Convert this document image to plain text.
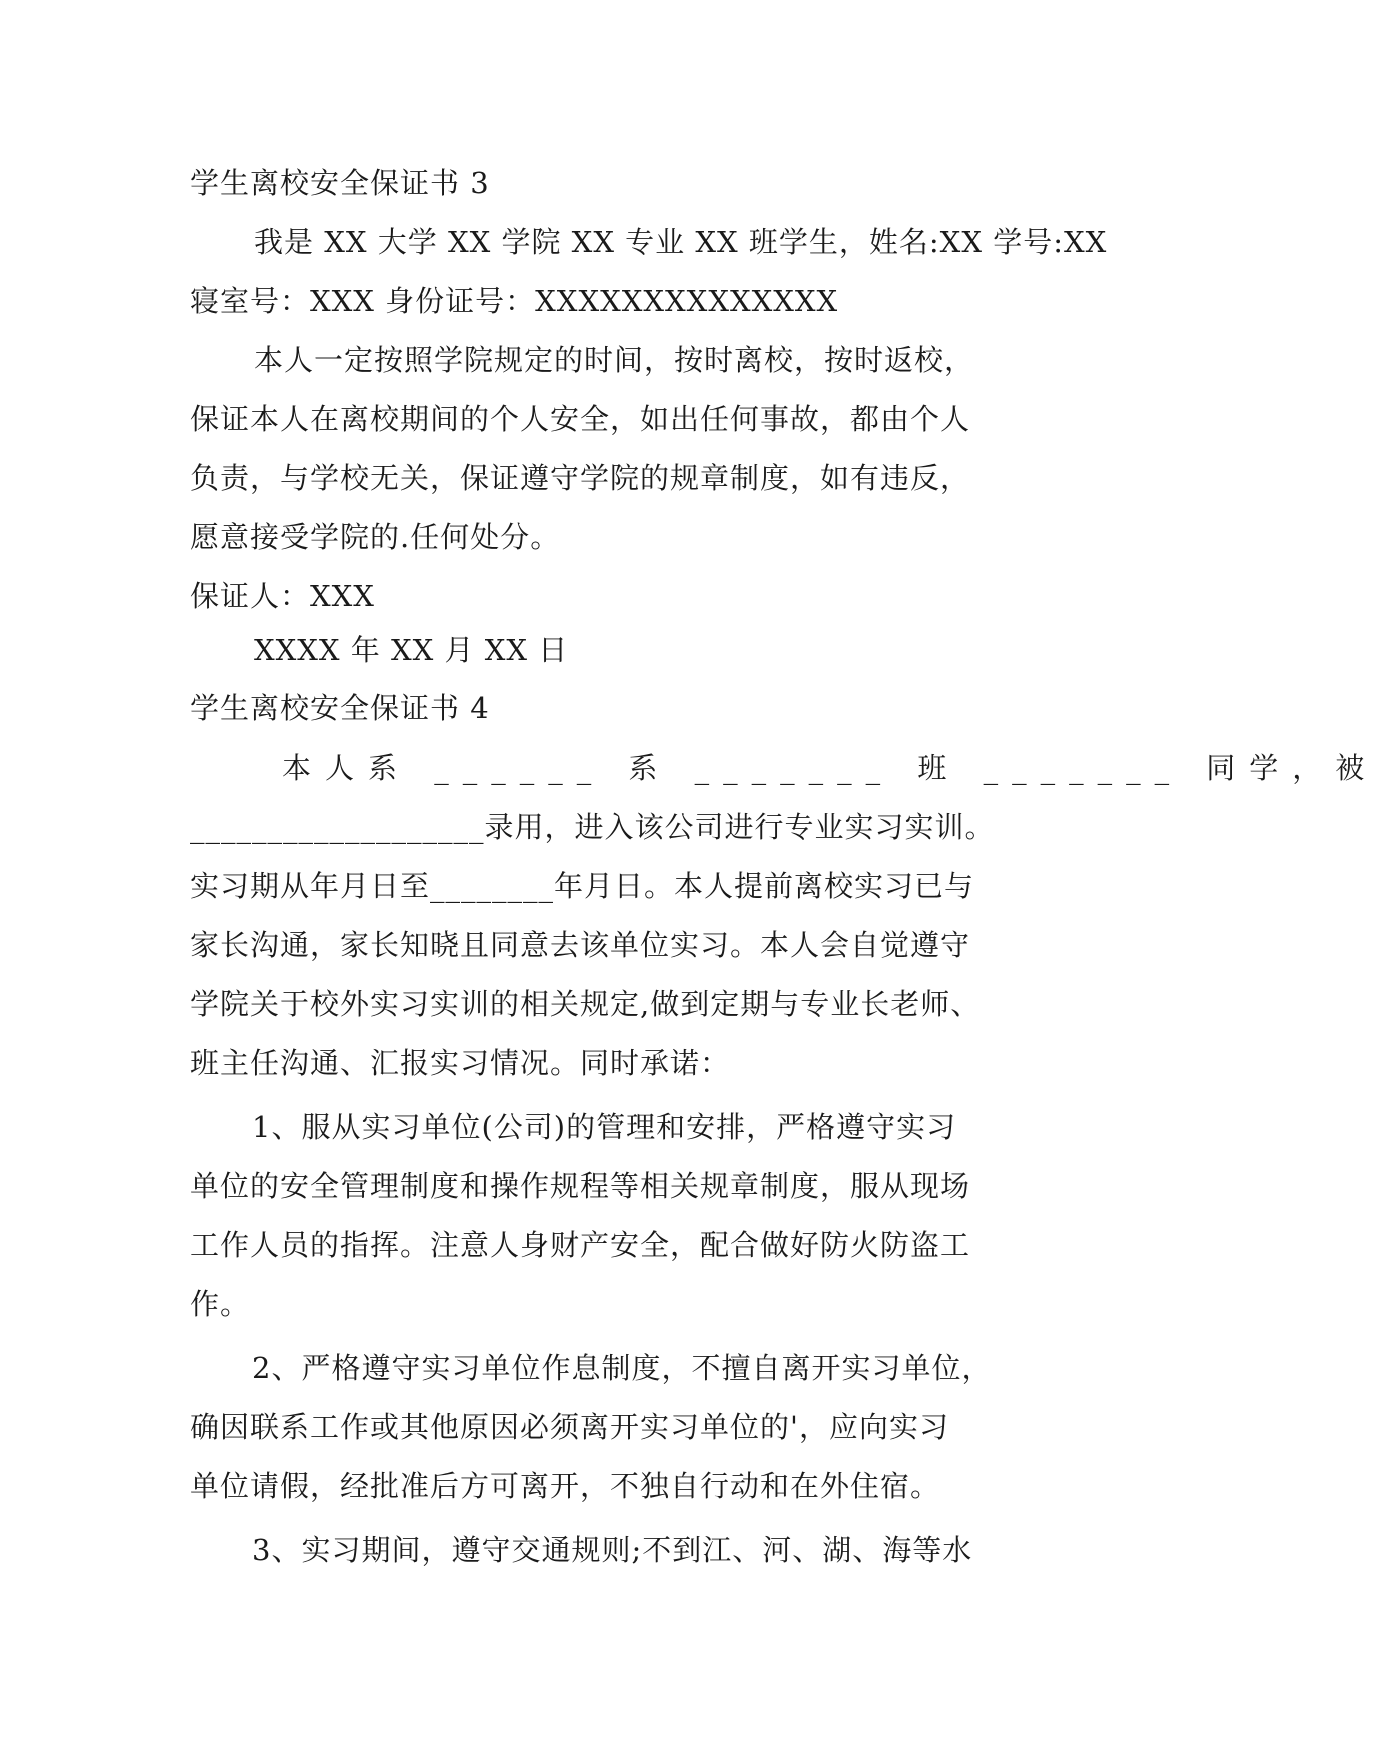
学生离校安全保证书 3
我是 XX 大学 XX 学院 XX 专业 XX 班学生，姓名:XX 学号:XX
寝室号：XXX 身份证号：XXXXXXXXXXXXXX
本人一定按照学院规定的时间，按时离校，按时返校，
保证本人在离校期间的个人安全，如出任何事故，都由个人
负责，与学校无关，保证遵守学院的规章制度，如有违反，
愿意接受学院的.任何处分。
保证人：XXX
XXXX 年 XX 月 XX 日
学生离校安全保证书 4
本人系 ______ 系 _______ 班 _______ 同学，被
___________________录用，进入该公司进行专业实习实训。
实习期从年月日至________年月日。本人提前离校实习已与
家长沟通，家长知晓且同意去该单位实习。本人会自觉遵守
学院关于校外实习实训的相关规定,做到定期与专业长老师、
班主任沟通、汇报实习情况。同时承诺：
1、服从实习单位(公司)的管理和安排，严格遵守实习
单位的安全管理制度和操作规程等相关规章制度，服从现场
工作人员的指挥。注意人身财产安全，配合做好防火防盗工
作。
2、严格遵守实习单位作息制度，不擅自离开实习单位，
确因联系工作或其他原因必须离开实习单位的'，应向实习
单位请假，经批准后方可离开，不独自行动和在外住宿。
3、实习期间，遵守交通规则;不到江、河、湖、海等水
